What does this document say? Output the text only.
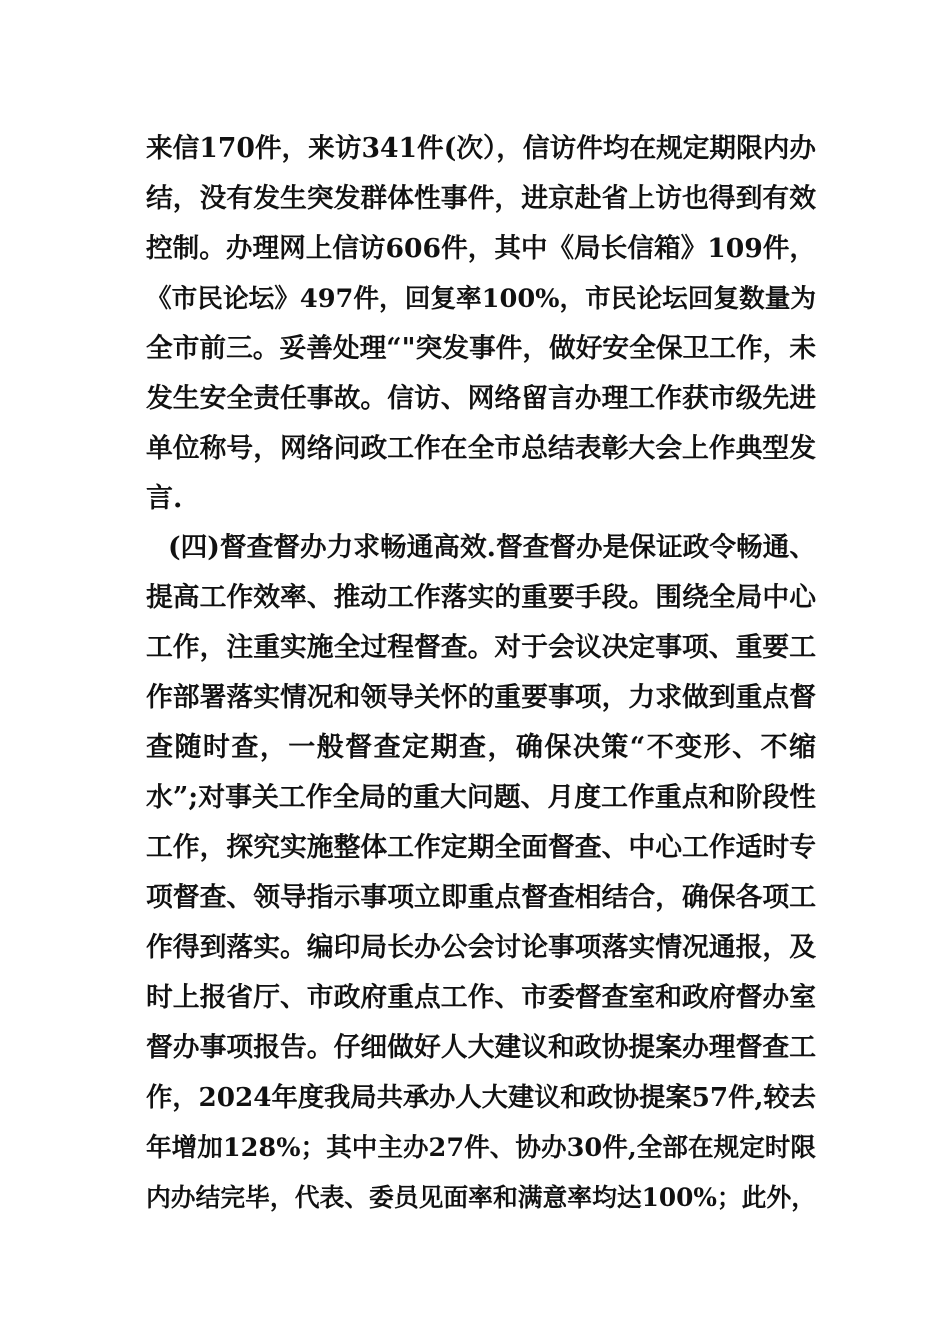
来信170件，来访341件(次），信访件均在规定期限内办
结，没有发生突发群体性事件，进京赴省上访也得到有效
控制。办理网上信访606件，其中《局长信箱》109件，
《市民论坛》497件，回复率100%，市民论坛回复数量为
全市前三。妥善处理“"突发事件，做好安全保卫工作，未
发生安全责任事故。信访、网络留言办理工作获市级先进
单位称号，网络问政工作在全市总结表彰大会上作典型发
言.
(四)督查督办力求畅通高效.督查督办是保证政令畅通、
提高工作效率、推动工作落实的重要手段。围绕全局中心
工作，注重实施全过程督查。对于会议决定事项、重要工
作部署落实情况和领导关怀的重要事项，力求做到重点督
查随时查，一般督查定期查，确保决策“不变形、不缩
水”;对事关工作全局的重大问题、月度工作重点和阶段性
工作，探究实施整体工作定期全面督查、中心工作适时专
项督查、领导指示事项立即重点督查相结合，确保各项工
作得到落实。编印局长办公会讨论事项落实情况通报，及
时上报省厅、市政府重点工作、市委督查室和政府督办室
督办事项报告。仔细做好人大建议和政协提案办理督查工
作，2024年度我局共承办人大建议和政协提案57件,较去
年增加128%；其中主办27件、协办30件,全部在规定时限
内办结完毕，代表、委员见面率和满意率均达100%；此外，
